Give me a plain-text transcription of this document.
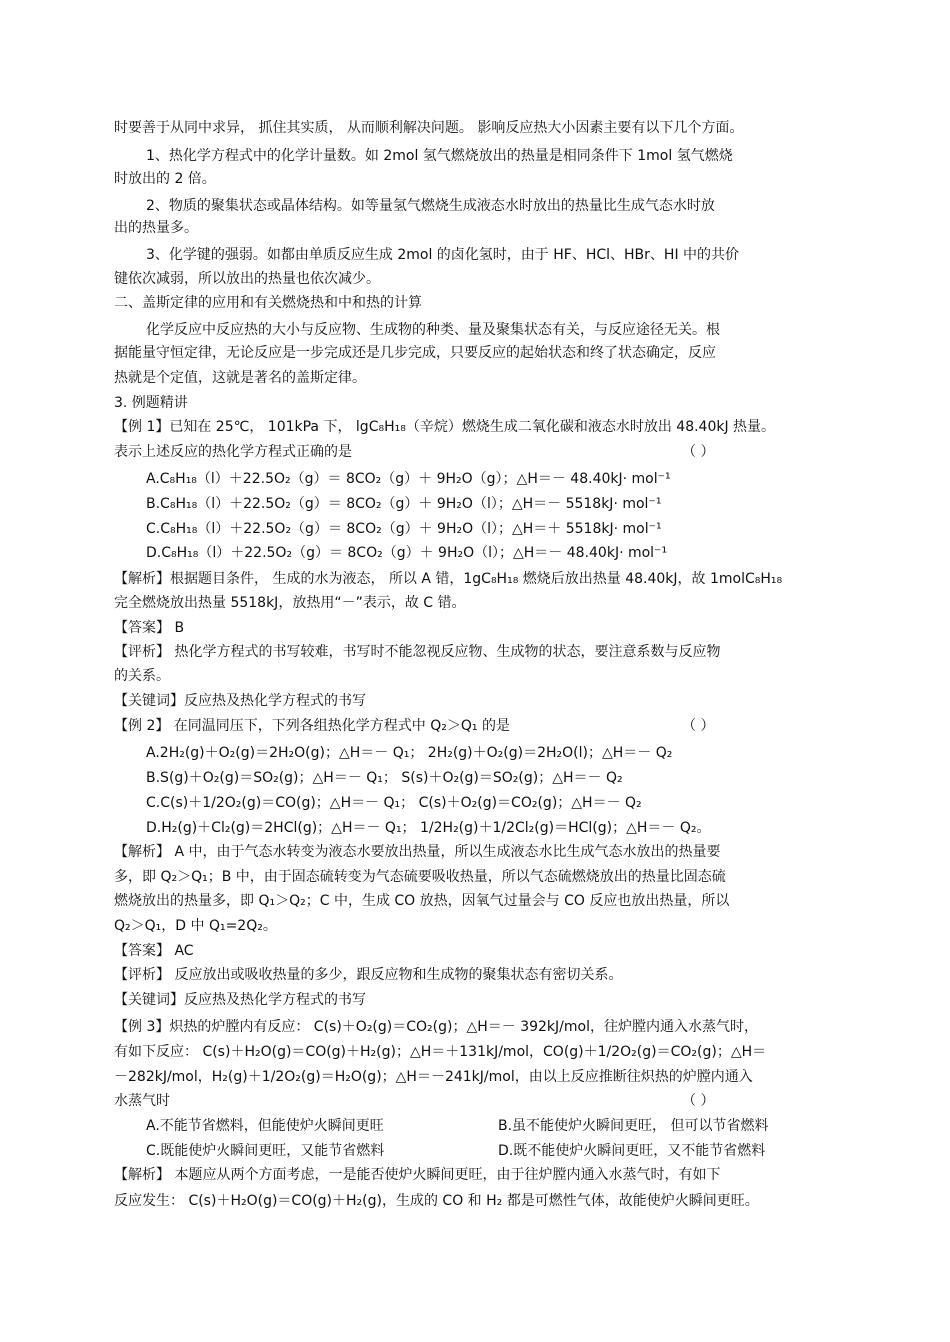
时要善于从同中求异， 抓住其实质， 从而顺利解决问题。 影响反应热大小因素主要有以下几个方面。
1、热化学方程式中的化学计量数。如 2mol 氢气燃烧放出的热量是相同条件下 1mol 氢气燃烧
时放出的 2 倍。
2、物质的聚集状态或晶体结构。如等量氢气燃烧生成液态水时放出的热量比生成气态水时放
出的热量多。
3、化学键的强弱。如都由单质反应生成 2mol 的卤化氢时，由于 HF、HCl、HBr、HI 中的共价
键依次减弱，所以放出的热量也依次减少。
二、盖斯定律的应用和有关燃烧热和中和热的计算
化学反应中反应热的大小与反应物、生成物的种类、量及聚集状态有关，与反应途径无关。根
据能量守恒定律，无论反应是一步完成还是几步完成，只要反应的起始状态和终了状态确定，反应
热就是个定值，这就是著名的盖斯定律。
3. 例题精讲
【例 1】已知在 25℃， 101kPa 下， lgC₈H₁₈（辛烷）燃烧生成二氧化碳和液态水时放出 48.40kJ 热量。
表示上述反应的热化学方程式正确的是	（ ）
A.C₈H₁₈（l）＋22.5O₂（g）＝ 8CO₂（g）＋ 9H₂O（g）；△H＝－ 48.40kJ· mol⁻¹
B.C₈H₁₈（l）＋22.5O₂（g）＝ 8CO₂（g）＋ 9H₂O（l）；△H＝－ 5518kJ· mol⁻¹
C.C₈H₁₈（l）＋22.5O₂（g）＝ 8CO₂（g）＋ 9H₂O（l）；△H＝＋ 5518kJ· mol⁻¹
D.C₈H₁₈（l）＋22.5O₂（g）＝ 8CO₂（g）＋ 9H₂O（l）；△H＝－ 48.40kJ· mol⁻¹
【解析】根据题目条件， 生成的水为液态， 所以 A 错，1gC₈H₁₈ 燃烧后放出热量 48.40kJ，故 1molC₈H₁₈
完全燃烧放出热量 5518kJ，放热用“－”表示，故 C 错。
【答案】 B
【评析】 热化学方程式的书写较难，书写时不能忽视反应物、生成物的状态，要注意系数与反应物
的关系。
【关键词】反应热及热化学方程式的书写
【例 2】 在同温同压下，下列各组热化学方程式中 Q₂＞Q₁ 的是	（ ）
A.2H₂(g)＋O₂(g)＝2H₂O(g)；△H＝－ Q₁； 2H₂(g)＋O₂(g)＝2H₂O(l)；△H＝－ Q₂
B.S(g)＋O₂(g)＝SO₂(g)；△H＝－ Q₁； S(s)＋O₂(g)＝SO₂(g)；△H＝－ Q₂
C.C(s)＋1/2O₂(g)＝CO(g)；△H＝－ Q₁； C(s)＋O₂(g)＝CO₂(g)；△H＝－ Q₂
D.H₂(g)＋Cl₂(g)＝2HCl(g)；△H＝－ Q₁； 1/2H₂(g)＋1/2Cl₂(g)＝HCl(g)；△H＝－ Q₂。
【解析】 A 中，由于气态水转变为液态水要放出热量，所以生成液态水比生成气态水放出的热量要
多，即 Q₂＞Q₁；B 中，由于固态硫转变为气态硫要吸收热量，所以气态硫燃烧放出的热量比固态硫
燃烧放出的热量多，即 Q₁＞Q₂；C 中，生成 CO 放热，因氧气过量会与 CO 反应也放出热量，所以
Q₂＞Q₁，D 中 Q₁=2Q₂。
【答案】 AC
【评析】 反应放出或吸收热量的多少，跟反应物和生成物的聚集状态有密切关系。
【关键词】反应热及热化学方程式的书写
【例 3】炽热的炉膛内有反应： C(s)＋O₂(g)＝CO₂(g)；△H＝－ 392kJ/mol，往炉膛内通入水蒸气时，
有如下反应： C(s)＋H₂O(g)＝CO(g)＋H₂(g)；△H＝＋131kJ/mol，CO(g)＋1/2O₂(g)＝CO₂(g)；△H＝
－282kJ/mol，H₂(g)＋1/2O₂(g)＝H₂O(g)；△H＝－241kJ/mol，由以上反应推断往炽热的炉膛内通入
水蒸气时	（ ）
A.不能节省燃料，但能使炉火瞬间更旺	B.虽不能使炉火瞬间更旺， 但可以节省燃料
C.既能使炉火瞬间更旺，又能节省燃料	D.既不能使炉火瞬间更旺，又不能节省燃料
【解析】 本题应从两个方面考虑，一是能否使炉火瞬间更旺，由于往炉膛内通入水蒸气时，有如下
反应发生： C(s)＋H₂O(g)＝CO(g)＋H₂(g)，生成的 CO 和 H₂ 都是可燃性气体，故能使炉火瞬间更旺。
